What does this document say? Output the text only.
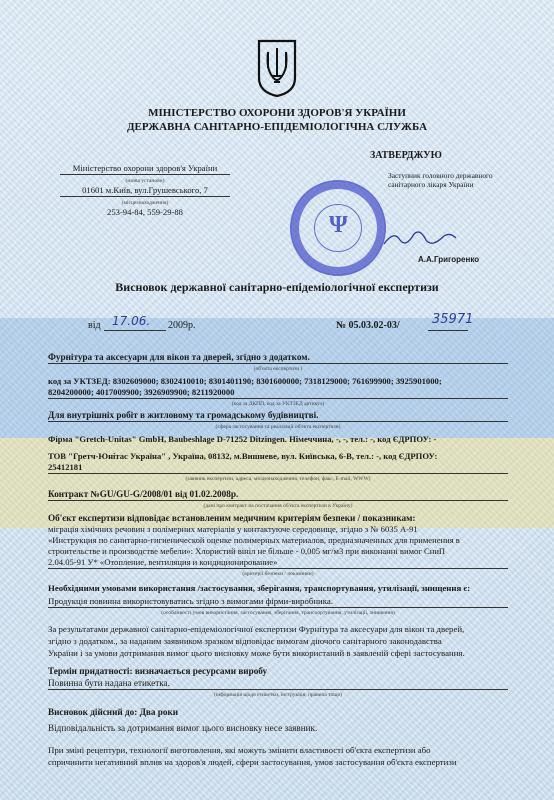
МІНІСТЕРСТВО ОХОРОНИ ЗДОРОВ'Я УКРАЇНИ
ДЕРЖАВНА САНІТАРНО-ЕПІДЕМІОЛОГІЧНА СЛУЖБА
Міністерство охорони здоров'я України
(назва установи)
01601 м.Київ, вул.Грушевського, 7
(місцезнаходження)
253-94-84, 559-29-88
ЗАТВЕРДЖУЮ
Заступник головного державного
санітарного лікаря України
А.А.Григоренко
Ψ
Висновок державної санітарно-епідеміологічної експертизи
від 17.06. 2009р.	№ 05.03.02-03/ 35971
Фурнітура та аксесуари для вікон та дверей, згідно з додатком.
(об'єкта експертизи )
код за УКТЗЕД: 8302609000; 8302410010; 8301401190; 8301600000; 7318129000; 761699900; 3925901000;
8204200000; 4017009900; 3926909900; 8211920000
(код за ДКПП, код за УКТЗЕД артикул)
Для внутрішніх робіт в житловому та громадському будівництві.
(сфера застосування та реалізації об'єкта експертизи)
Фірма "Gretch-Unitas" GmbH, Baubeshlage D-71252 Ditzingen. Німеччина, -, -, тел.: -, код ЄДРПОУ: -
ТОВ "Гретч-Юнітас Україна" , Україна, 08132, м.Вишневе, вул. Київська, 6-В, тел.: -, код ЄДРПОУ:
25412181
(заявник експертизи, адреса, місцезнаходження, телефон, факс, E-mail, WWW)
Контракт №GU/GU-G/2008/01 від 01.02.2008р.
(дані про контракт на постачання об'єкта експертизи в Україну)
Об'єкт експертизи відповідає встановленим медичним критеріям безпеки / показникам:
міграція хімічних речовин з полімерних матеріалів у контактуюче середовище, згідно з № 6035 А-91
«Инструкция по санитарно-гигиенической оценке полимерных материалов, предназначенных для применения в
строительстве и производстве мебели»: Хлористий вініл не більше - 0,005 мг/м3 при виконанні вимог СниП
2.04.05-91 У* «Отопление, вентиляция и кондиционирование»
(критерії безпеки / показники)
Необхідними умовами використання /застосування, зберігання, транспортування, утилізації, знищення є:
Продукція повинна використовуватись згідно з вимогами фірми-виробника.
(особливості умов використання, застосування, зберігання, транспортування, утилізації, знищення)
За результатами державної санітарно-епідеміологічної експертизи Фурнітура та аксесуари для вікон та дверей,
згідно з додатком., за наданим заявником зразком відповідає вимогам діючого санітарного законодавства
України і за умови дотримання вимог цього висновку може бути використаний в заявленій сфері застосування.
Термін придатності: визначається ресурсами виробу
Повинна бути надана етикетка.
(інформація щодо етикетки, інструкція, правила тощо)
Висновок дійсний до: Два роки
Відповідальність за дотримання вимог цього висновку несе заявник.
При зміні рецептури, технології виготовлення, які можуть змінити властивості об'єкта експертизи або
спричинити негативний вплив на здоров'я людей, сфери застосування, умов застосування об'єкта експертизи
